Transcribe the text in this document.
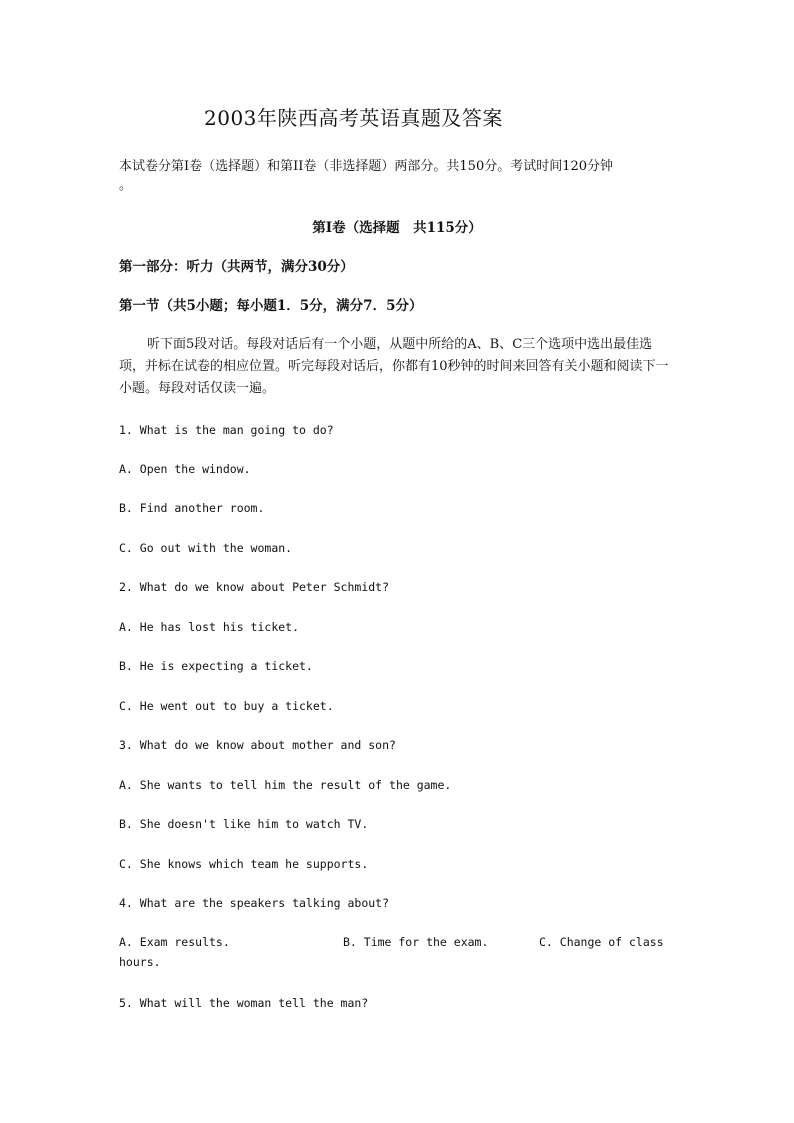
2003年陕西高考英语真题及答案
本试卷分第Ⅰ卷（选择题）和第II卷（非选择题）两部分。共150分。考试时间120分钟
。
第Ⅰ卷（选择题　共115分）
第一部分：听力（共两节，满分30分）
第一节（共5小题；每小题1．5分，满分7．5分）
听下面5段对话。每段对话后有一个小题，从题中所给的A、B、C三个选项中选出最佳选项，并标在试卷的相应位置。听完每段对话后，你都有10秒钟的时间来回答有关小题和阅读下一小题。每段对话仅读一遍。
1. What is the man going to do?
A. Open the window.
B. Find another room.
C. Go out with the woman.
2. What do we know about Peter Schmidt?
A. He has lost his ticket.
B. He is expecting a ticket.
C. He went out to buy a ticket.
3. What do we know about mother and son?
A. She wants to tell him the result of the game.
B. She doesn't like him to watch TV.
C. She knows which team he supports.
4. What are the speakers talking about?
A. Exam results.	B. Time for the exam.	C. Change of class
hours.
5. What will the woman tell the man?
